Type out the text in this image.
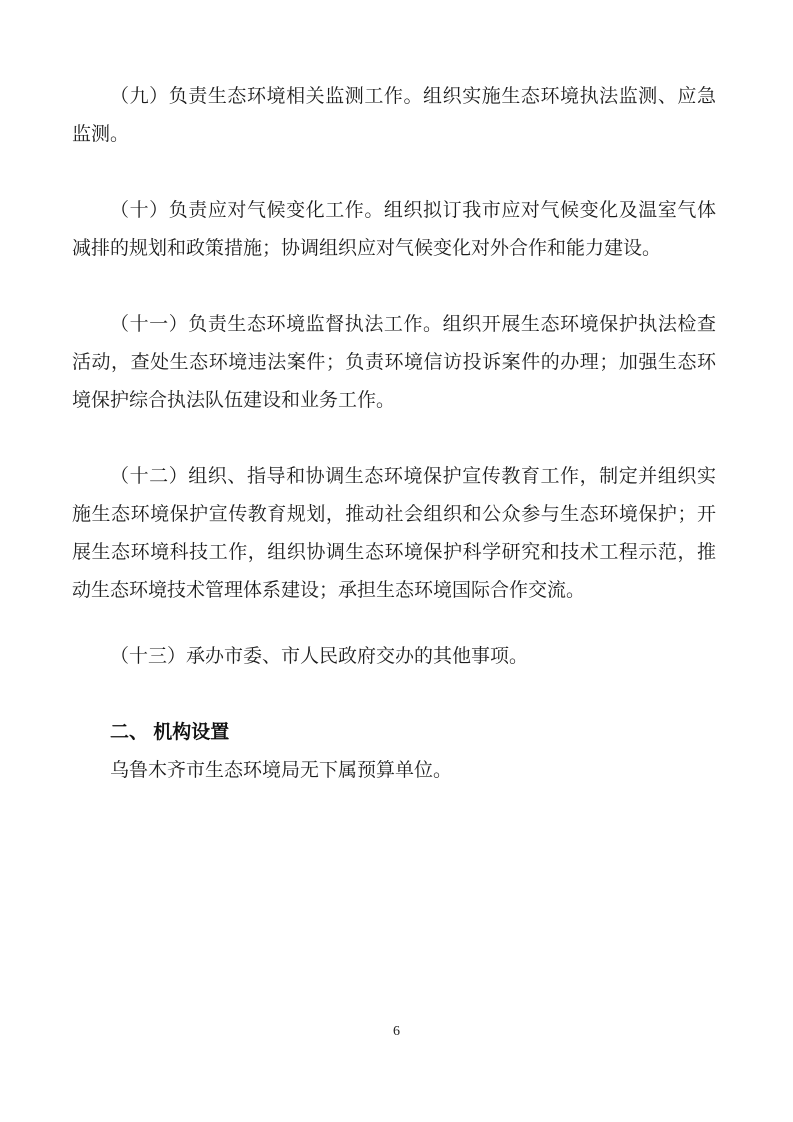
（九）负责生态环境相关监测工作。组织实施生态环境执法监测、应急监测。

（十）负责应对气候变化工作。组织拟订我市应对气候变化及温室气体减排的规划和政策措施；协调组织应对气候变化对外合作和能力建设。

（十一）负责生态环境监督执法工作。组织开展生态环境保护执法检查活动，查处生态环境违法案件；负责环境信访投诉案件的办理；加强生态环境保护综合执法队伍建设和业务工作。

（十二）组织、指导和协调生态环境保护宣传教育工作，制定并组织实施生态环境保护宣传教育规划，推动社会组织和公众参与生态环境保护；开展生态环境科技工作，组织协调生态环境保护科学研究和技术工程示范，推动生态环境技术管理体系建设；承担生态环境国际合作交流。

（十三）承办市委、市人民政府交办的其他事项。

二、 机构设置

乌鲁木齐市生态环境局无下属预算单位。

6
